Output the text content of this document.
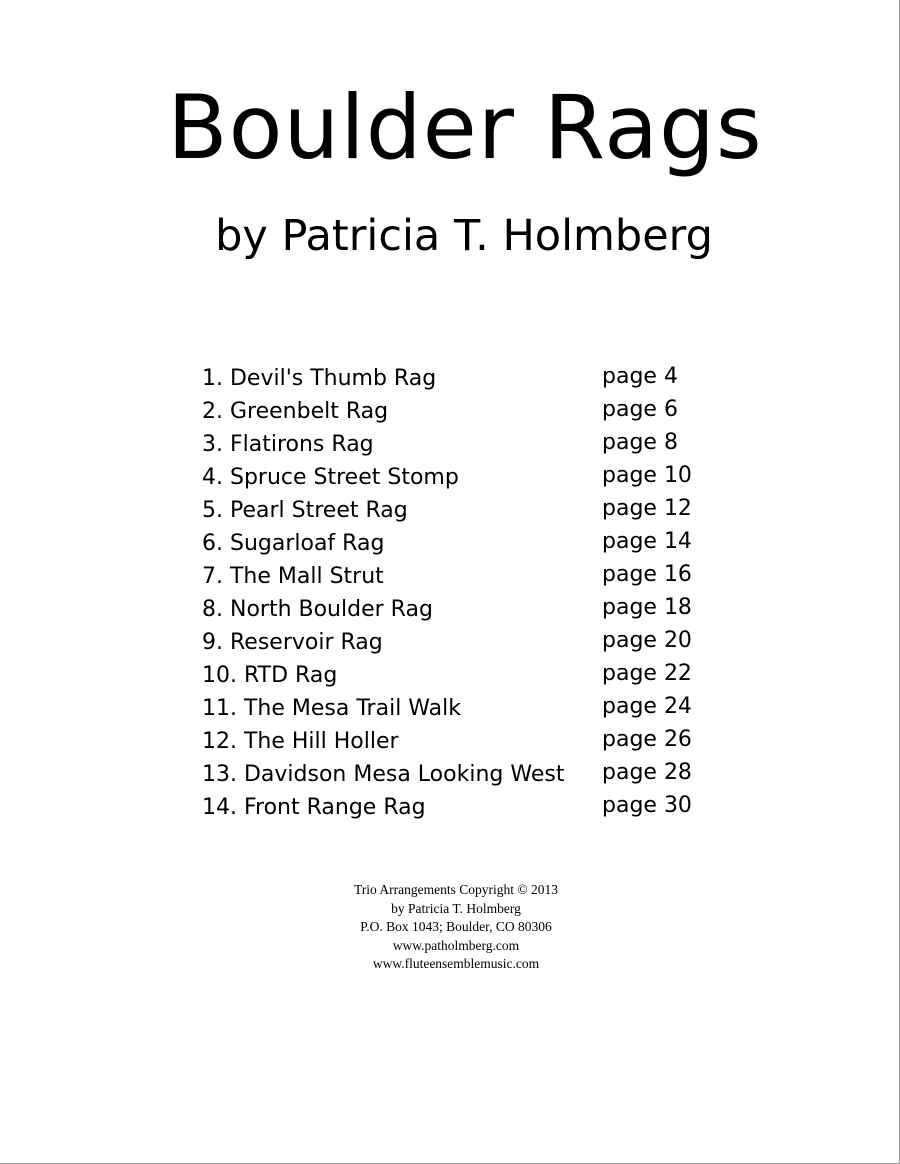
Boulder Rags
by Patricia T. Holmberg
1. Devil's Thumb Rag	page 4
2. Greenbelt Rag	page 6
3. Flatirons Rag	page 8
4. Spruce Street Stomp	page 10
5. Pearl Street Rag	page 12
6. Sugarloaf Rag	page 14
7. The Mall Strut	page 16
8. North Boulder Rag	page 18
9. Reservoir Rag	page 20
10. RTD Rag	page 22
11. The Mesa Trail Walk	page 24
12. The Hill Holler	page 26
13. Davidson Mesa Looking West page 28
14. Front Range Rag	page 30
Trio Arrangements Copyright © 2013
by Patricia T. Holmberg
P.O. Box 1043; Boulder, CO 80306
www.patholmberg.com
www.fluteensemblemusic.com
